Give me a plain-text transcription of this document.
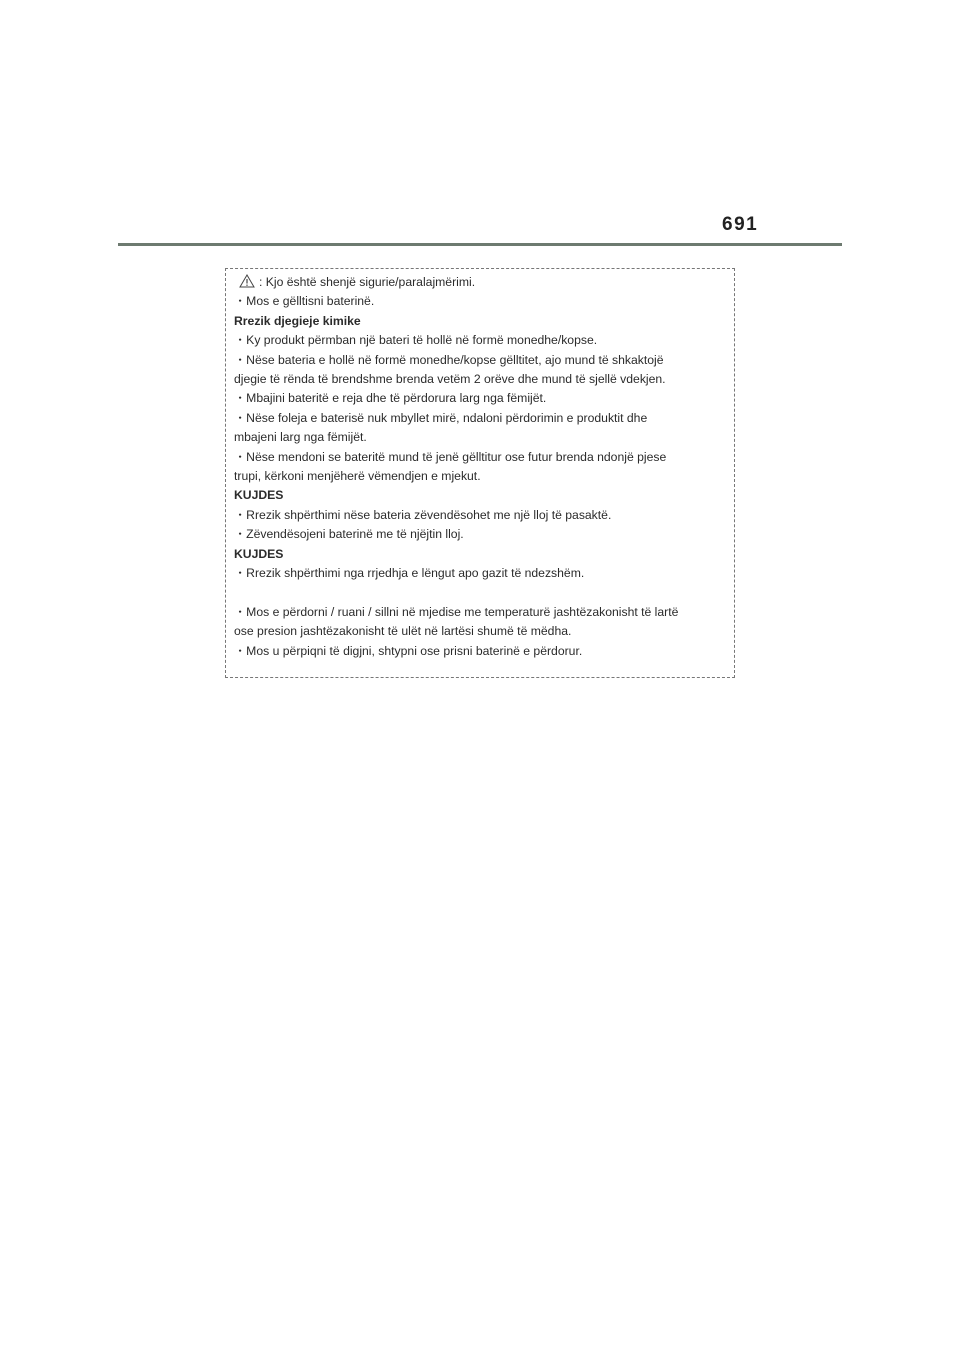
691

: Kjo është shenjë sigurie/paralajmërimi.

・Mos e gëlltisni baterinë.

Rrezik djegieje kimike

・Ky produkt përmban një bateri të hollë në formë monedhe/kopse.

・Nëse bateria e hollë në formë monedhe/kopse gëlltitet, ajo mund të shkaktojë

djegie të rënda të brendshme brenda vetëm 2 orëve dhe mund të sjellë vdekjen.

・Mbajini bateritë e reja dhe të përdorura larg nga fëmijët.

・Nëse foleja e baterisë nuk mbyllet mirë, ndaloni përdorimin e produktit dhe

mbajeni larg nga fëmijët.

・Nëse mendoni se bateritë mund të jenë gëlltitur ose futur brenda ndonjë pjese

trupi, kërkoni menjëherë vëmendjen e mjekut.

KUJDES

・Rrezik shpërthimi nëse bateria zëvendësohet me një lloj të pasaktë.

・Zëvendësojeni baterinë me të njëjtin lloj.

KUJDES

・Rrezik shpërthimi nga rrjedhja e lëngut apo gazit të ndezshëm.

・Mos e përdorni / ruani / sillni në mjedise me temperaturë jashtëzakonisht të lartë

ose presion jashtëzakonisht të ulët në lartësi shumë të mëdha.

・Mos u përpiqni të digjni, shtypni ose prisni baterinë e përdorur.
